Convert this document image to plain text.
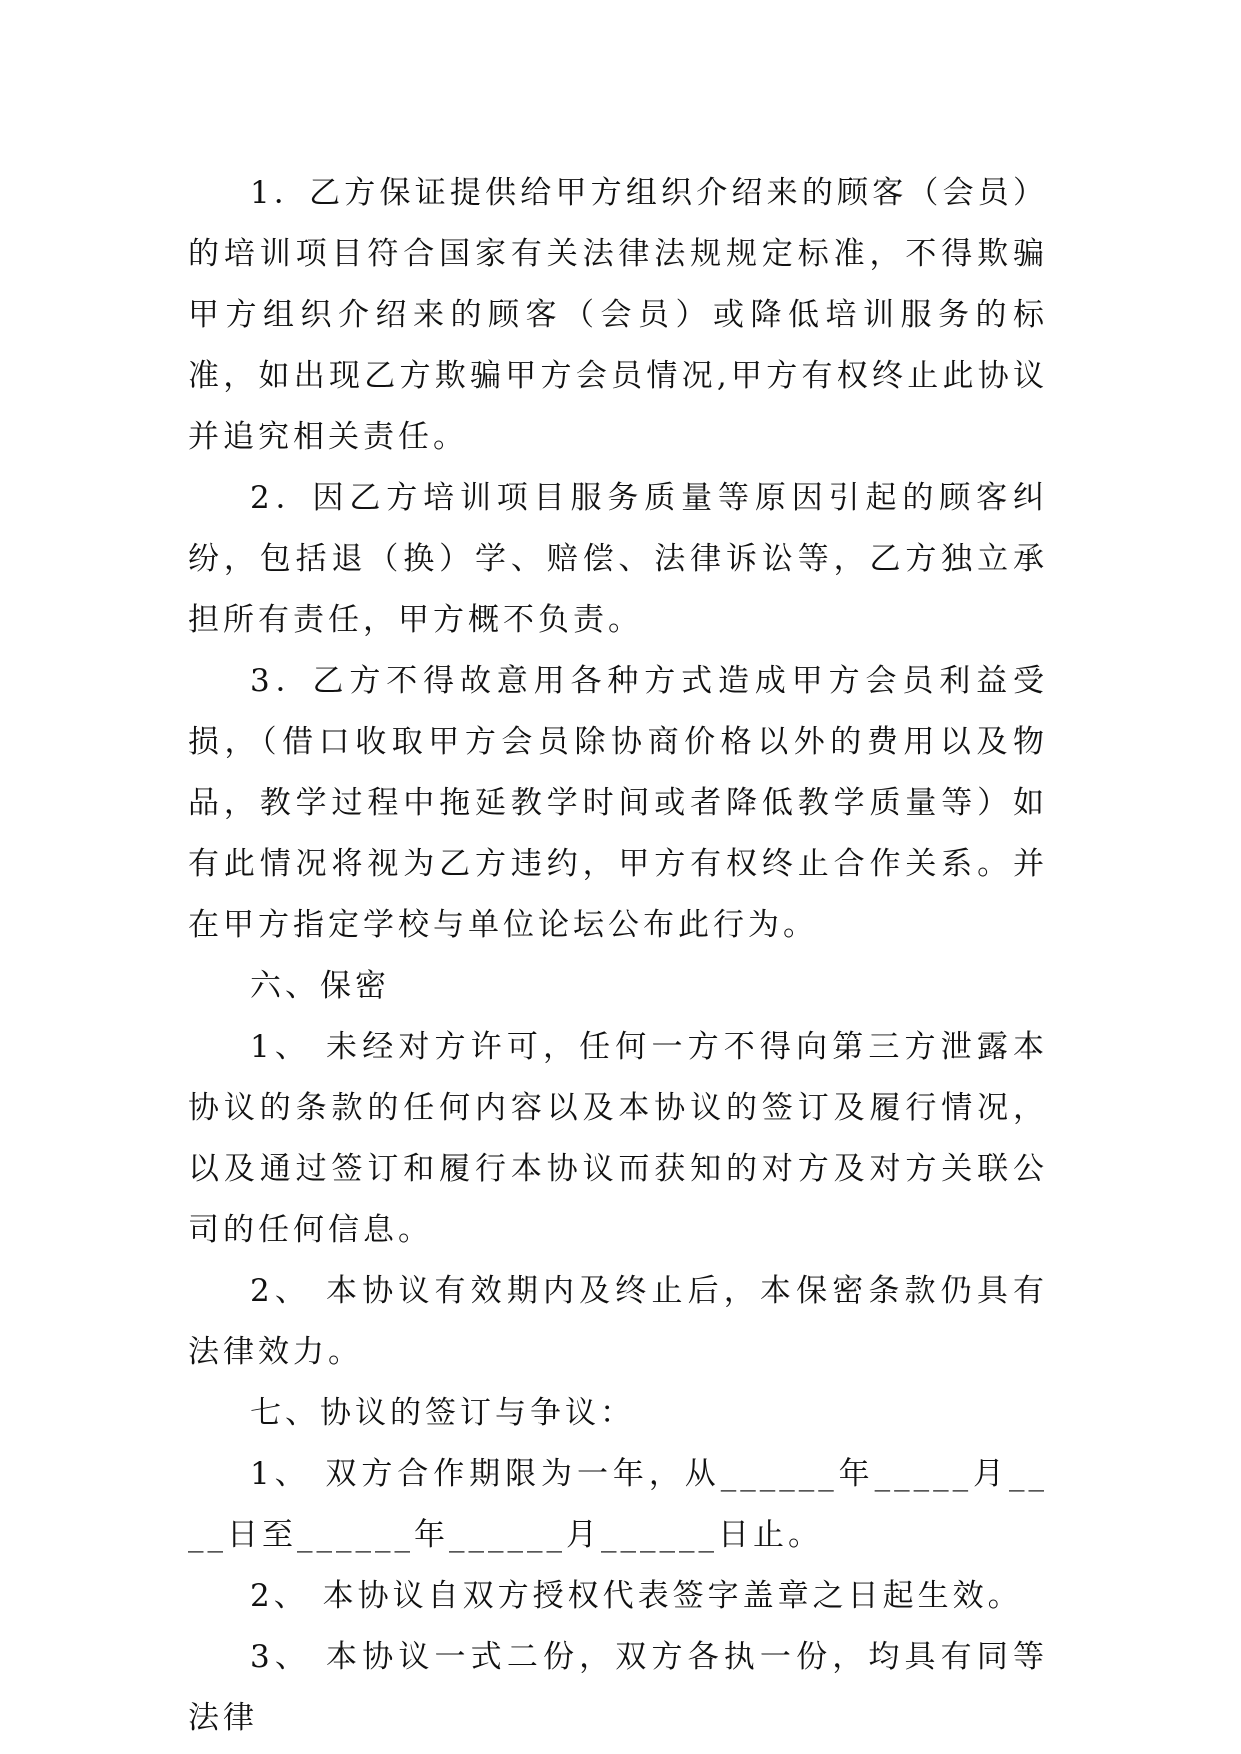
1．乙方保证提供给甲方组织介绍来的顾客（会员）的培训项目符合国家有关法律法规规定标准，不得欺骗甲方组织介绍来的顾客（会员）或降低培训服务的标准，如出现乙方欺骗甲方会员情况,甲方有权终止此协议并追究相关责任。

2．因乙方培训项目服务质量等原因引起的顾客纠纷，包括退（换）学、赔偿、法律诉讼等，乙方独立承担所有责任，甲方概不负责。

3．乙方不得故意用各种方式造成甲方会员利益受损，（借口收取甲方会员除协商价格以外的费用以及物品，教学过程中拖延教学时间或者降低教学质量等）如有此情况将视为乙方违约，甲方有权终止合作关系。并在甲方指定学校与单位论坛公布此行为。

六、保密

1、 未经对方许可，任何一方不得向第三方泄露本协议的条款的任何内容以及本协议的签订及履行情况，以及通过签订和履行本协议而获知的对方及对方关联公司的任何信息。

2、 本协议有效期内及终止后，本保密条款仍具有法律效力。

七、协议的签订与争议：

1、 双方合作期限为一年，从______年_____月____日至______年______月______日止。

2、 本协议自双方授权代表签字盖章之日起生效。

3、 本协议一式二份，双方各执一份，均具有同等法律
